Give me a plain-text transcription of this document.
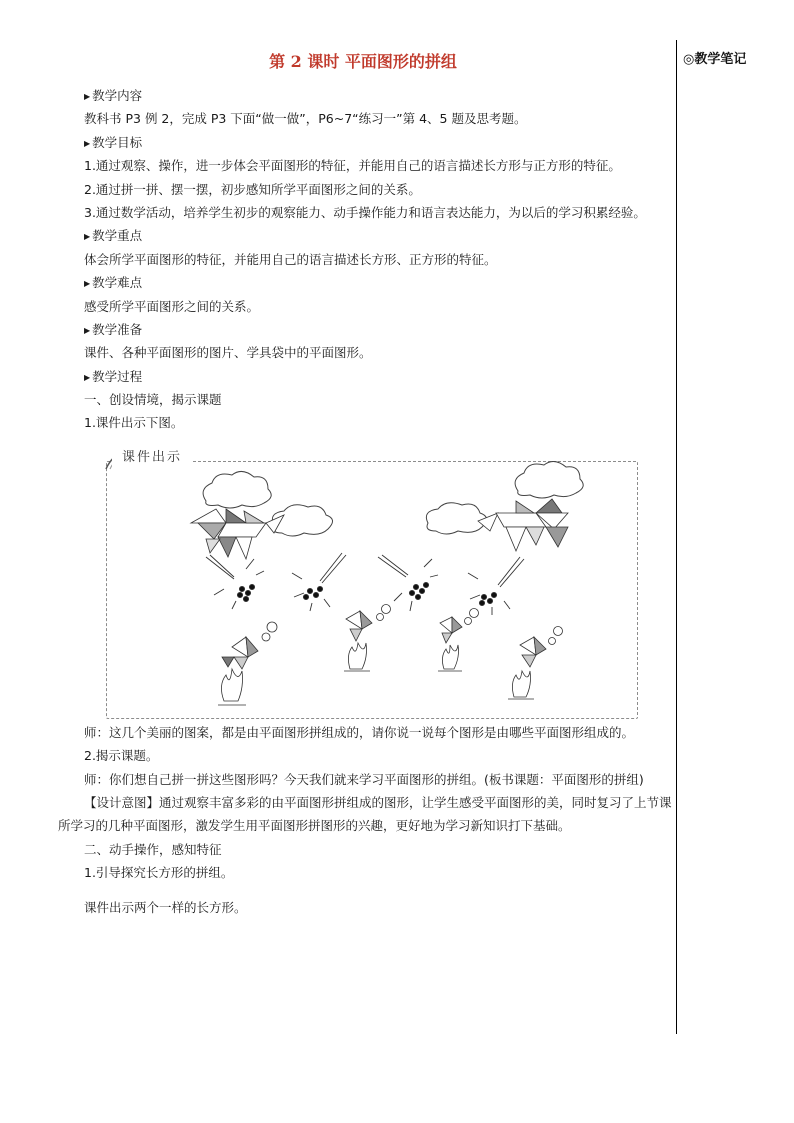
第 2 课时 平面图形的拼组	◎教学笔记
▶ 教学内容
教科书 P3 例 2，完成 P3 下面“做一做”，P6~7“练习一”第 4、5 题及思考题。
▶ 教学目标
1.通过观察、操作，进一步体会平面图形的特征，并能用自己的语言描述长方形与正方形的特征。
2.通过拼一拼、摆一摆，初步感知所学平面图形之间的关系。
3.通过数学活动，培养学生初步的观察能力、动手操作能力和语言表达能力，为以后的学习积累经验。
▶ 教学重点
体会所学平面图形的特征，并能用自己的语言描述长方形、正方形的特征。
▶ 教学难点
感受所学平面图形之间的关系。
▶ 教学准备
课件、各种平面图形的图片、学具袋中的平面图形。
▶ 教学过程
一、创设情境，揭示课题
1.课件出示下图。
课件出示
师：这几个美丽的图案，都是由平面图形拼组成的，请你说一说每个图形是由哪些平面图形组成的。
2.揭示课题。
师：你们想自己拼一拼这些图形吗？今天我们就来学习平面图形的拼组。(板书课题：平面图形的拼组)
【设计意图】通过观察丰富多彩的由平面图形拼组成的图形，让学生感受平面图形的美，同时复习了上节课所学习的几种平面图形，激发学生用平面图形拼图形的兴趣，更好地为学习新知识打下基础。
二、动手操作，感知特征
1.引导探究长方形的拼组。
课件出示两个一样的长方形。
